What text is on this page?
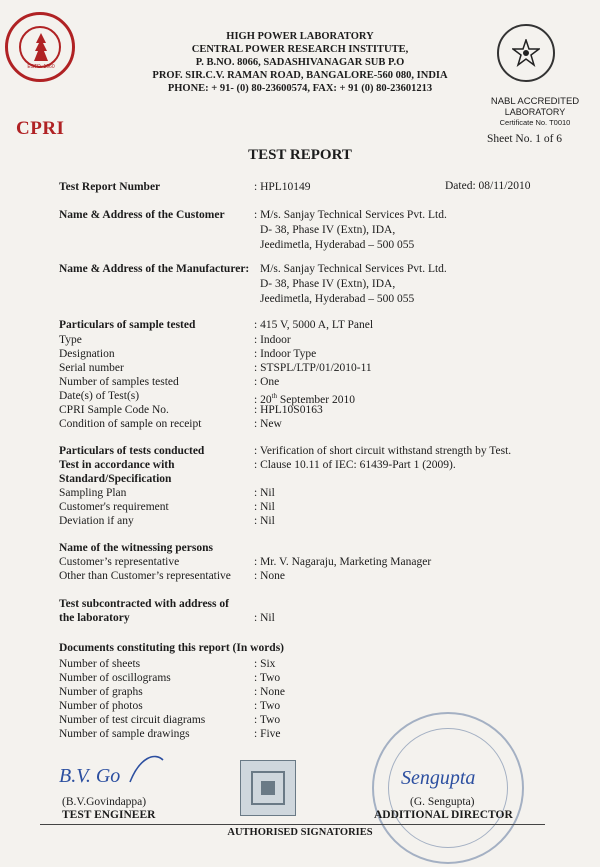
ESTD. 1960
CPRI
HIGH POWER LABORATORY
CENTRAL POWER RESEARCH INSTITUTE,
P. B.NO. 8066, SADASHIVANAGAR SUB P.O
PROF. SIR.C.V. RAMAN ROAD, BANGALORE-560 080, INDIA
PHONE: + 91- (0) 80-23600574, FAX: + 91 (0) 80-23601213
NABL ACCREDITED
LABORATORY
Certificate No. T0010
Sheet No. 1 of 6
TEST REPORT
Test Report Number	: HPL10149	Dated: 08/11/2010
Name & Address of the Customer	: M/s. Sanjay Technical Services Pvt. Ltd.
D- 38, Phase IV (Extn), IDA,
Jeedimetla, Hyderabad – 500 055
Name & Address of the Manufacturer: M/s. Sanjay Technical Services Pvt. Ltd.
D- 38, Phase IV (Extn), IDA,
Jeedimetla, Hyderabad – 500 055
Particulars of sample tested	: 415 V, 5000 A, LT Panel
Type	: Indoor
Designation	: Indoor Type
Serial number	: STSPL/LTP/01/2010-11
Number of samples tested	: One
Date(s) of Test(s)	: 20th September 2010
CPRI Sample Code No.	: HPL10S0163
Condition of sample on receipt	: New
Particulars of tests conducted	: Verification of short circuit withstand strength by Test.
Test in accordance with	: Clause 10.11 of IEC: 61439-Part 1 (2009).
Standard/Specification
Sampling Plan	: Nil
Customer's requirement	: Nil
Deviation if any	: Nil
Name of the witnessing persons
Customer’s representative	: Mr. V. Nagaraju, Marketing Manager
Other than Customer’s representative : None
Test subcontracted with address of
the laboratory	: Nil
Documents constituting this report (In words)
Number of sheets	: Six
Number of oscillograms	: Two
Number of graphs	: None
Number of photos	: Two
Number of test circuit diagrams	: Two
Number of sample drawings	: Five
B.V. Go
(B.V.Govindappa)
TEST ENGINEER
Sengupta
(G. Sengupta)
ADDITIONAL DIRECTOR
AUTHORISED SIGNATORIES
